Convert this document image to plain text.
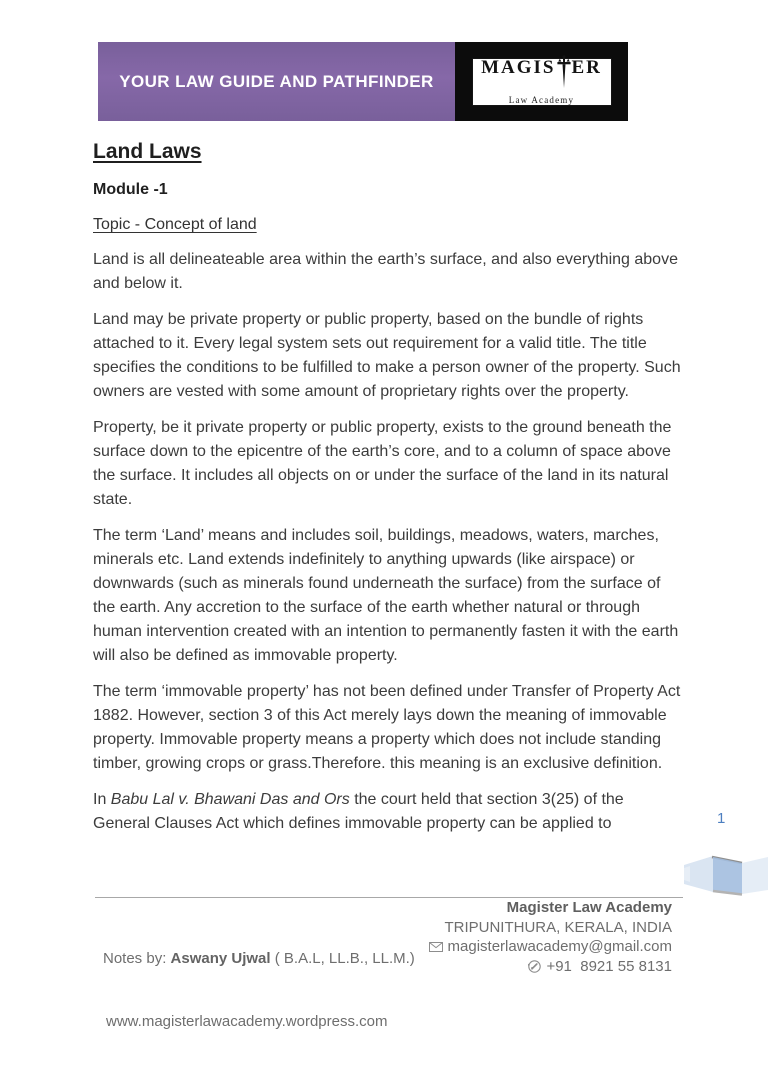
YOUR LAW GUIDE AND PATHFINDER
MAGIS ER
Law Academy
Land Laws
Module -1
Topic - Concept of land

Land is all delineateable area within the earth’s surface, and also everything above and below it.

Land may be private property or public property, based on the bundle of rights attached to it. Every legal system sets out requirement for a valid title. The title specifies the conditions to be fulfilled to make a person owner of the property. Such owners are vested with some amount of proprietary rights over the property.

Property, be it private property or public property, exists to the ground beneath the surface down to the epicentre of the earth’s core, and to a column of space above the surface. It includes all objects on or under the surface of the land in its natural state.

The term ‘Land’ means and includes soil, buildings, meadows, waters, marches, minerals etc. Land extends indefinitely to anything upwards (like airspace) or downwards (such as minerals found underneath the surface) from the surface of the earth. Any accretion to the surface of the earth whether natural or through human intervention created with an intention to permanently fasten it with the earth will also be defined as immovable property.

The term ‘immovable property’ has not been defined under Transfer of Property Act 1882. However, section 3 of this Act merely lays down the meaning of immovable property. Immovable property means a property which does not include standing timber, growing crops or grass.Therefore. this meaning is an exclusive definition.

In Babu Lal v. Bhawani Das and Ors the court held that section 3(25) of the General Clauses Act which defines immovable property can be applied to	1

Notes by: Aswany Ujwal ( B.A.L, LL.B., LL.M.)

www.magisterlawacademy.wordpress.com

Magister Law Academy
TRIPUNITHURA, KERALA, INDIA
magisterlawacademy@gmail.com
+91  8921 55 8131
